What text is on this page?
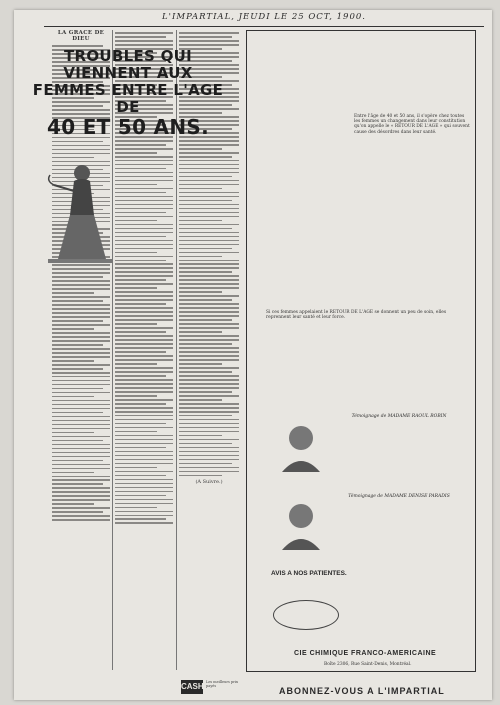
L'IMPARTIAL, JEUDI LE 25 OCT, 1900.
LA GRACE DE DIEU
(A Suivre.)
TROUBLES QUI VIENNENT AUX
FEMMES ENTRE L'AGE DE
40 ET 50 ANS.	Entre l'âge de 40 et 50 ans, il s'opère chez toutes les femmes un changement dans leur constitution qu'on appelle le « RETOUR DE L'AGE » qui souvent cause des désordres dans leur santé.
Si ces femmes appelaient le RETOUR DE L'AGE se donnent un peu de soin, elles reprennent leur santé et leur force.
Témoignage de MADAME RAOUL ROBIN
Témoignage de MADAME DENISE PARADIS
AVIS A NOS PATIENTES.
CIE CHIMIQUE FRANCO-AMERICAINE
Boîte 2306, Rue Saint-Denis, Montréal.
CASH Les meilleurs prix payés	ABONNEZ-VOUS A L'IMPARTIAL
